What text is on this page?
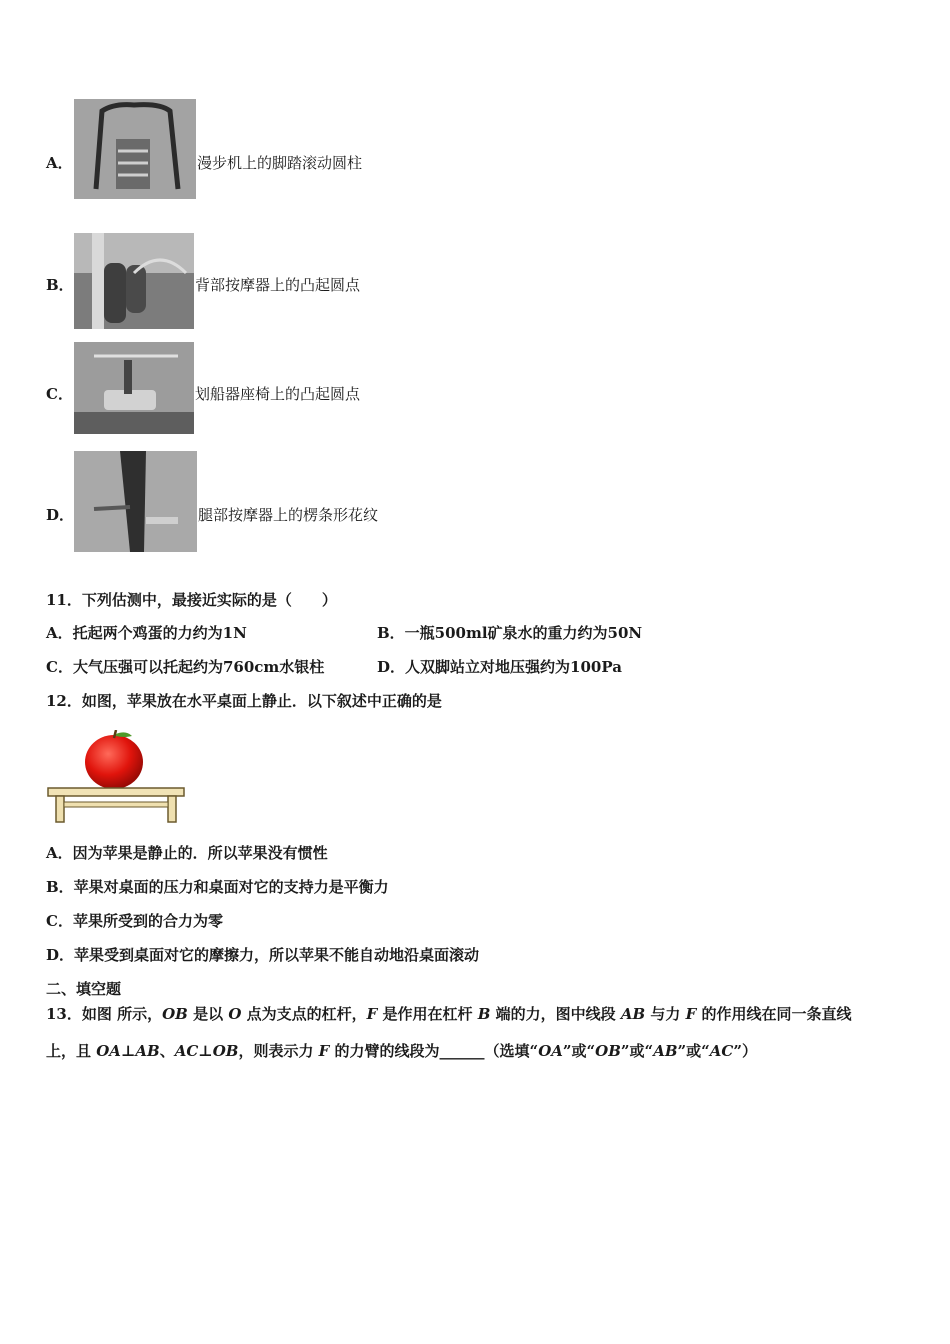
A．	漫步机上的脚踏滚动圆柱
B．	背部按摩器上的凸起圆点
C．	划船器座椅上的凸起圆点
D．	腿部按摩器上的楞条形花纹
11．下列估测中，最接近实际的是（　　）
A．托起两个鸡蛋的力约为1N	B．一瓶500ml矿泉水的重力约为50N
C．大气压强可以托起约为760cm水银柱	D．人双脚站立对地压强约为100Pa
12．如图，苹果放在水平桌面上静止．以下叙述中正确的是
A．因为苹果是静止的．所以苹果没有惯性
B．苹果对桌面的压力和桌面对它的支持力是平衡力
C．苹果所受到的合力为零
D．苹果受到桌面对它的摩擦力，所以苹果不能自动地沿桌面滚动
二、填空题
13．如图 所示，OB 是以 O 点为支点的杠杆，F 是作用在杠杆 B 端的力，图中线段 AB 与力 F 的作用线在同一条直线
上，且 OA⊥AB、AC⊥OB，则表示力 F 的力臂的线段为______（选填“OA”或“OB”或“AB”或“AC”）
